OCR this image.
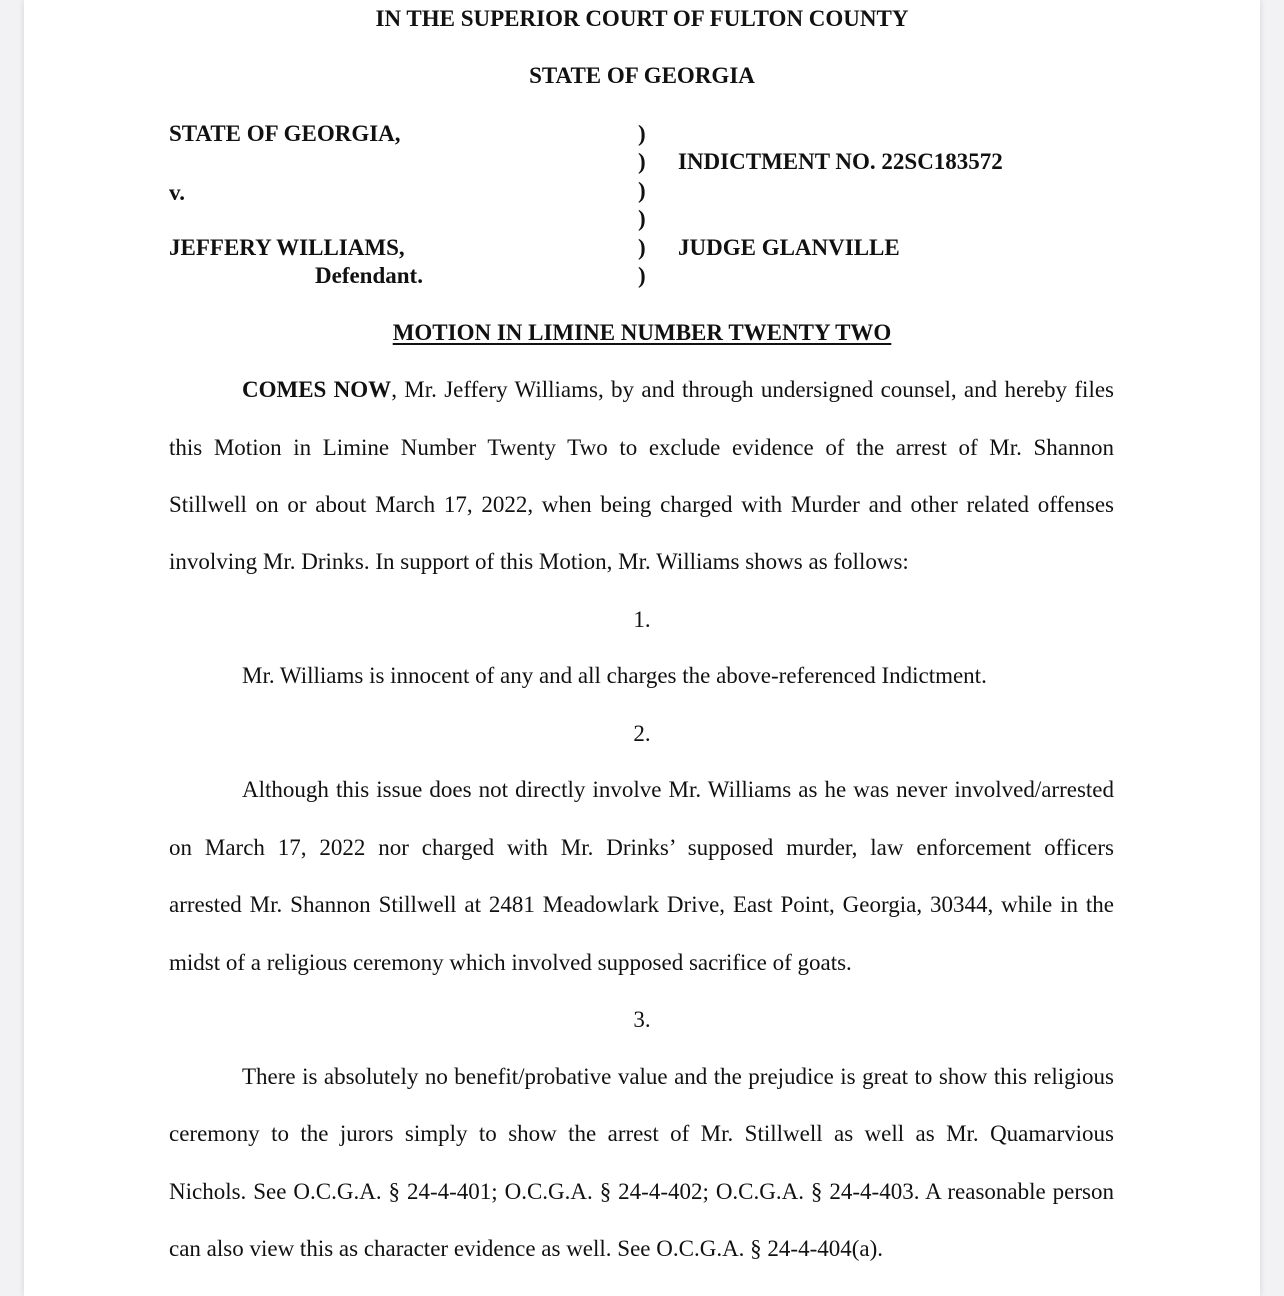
IN THE SUPERIOR COURT OF FULTON COUNTY
STATE OF GEORGIA
STATE OF GEORGIA,
v.
JEFFERY WILLIAMS,
Defendant.
)
)
)
)
)
)
INDICTMENT NO. 22SC183572
JUDGE GLANVILLE
MOTION IN LIMINE NUMBER TWENTY TWO
COMES NOW, Mr. Jeffery Williams, by and through undersigned counsel, and hereby files
this Motion in Limine Number Twenty Two to exclude evidence of the arrest of Mr. Shannon
Stillwell on or about March 17, 2022, when being charged with Murder and other related offenses
involving Mr. Drinks. In support of this Motion, Mr. Williams shows as follows:
1.
Mr. Williams is innocent of any and all charges the above-referenced Indictment.
2.
Although this issue does not directly involve Mr. Williams as he was never involved/arrested
on March 17, 2022 nor charged with Mr. Drinks’ supposed murder, law enforcement officers
arrested Mr. Shannon Stillwell at 2481 Meadowlark Drive, East Point, Georgia, 30344, while in the
midst of a religious ceremony which involved supposed sacrifice of goats.
3.
There is absolutely no benefit/probative value and the prejudice is great to show this religious
ceremony to the jurors simply to show the arrest of Mr. Stillwell as well as Mr. Quamarvious
Nichols. See O.C.G.A. § 24-4-401; O.C.G.A. § 24-4-402; O.C.G.A. § 24-4-403. A reasonable person
can also view this as character evidence as well. See O.C.G.A. § 24-4-404(a).
